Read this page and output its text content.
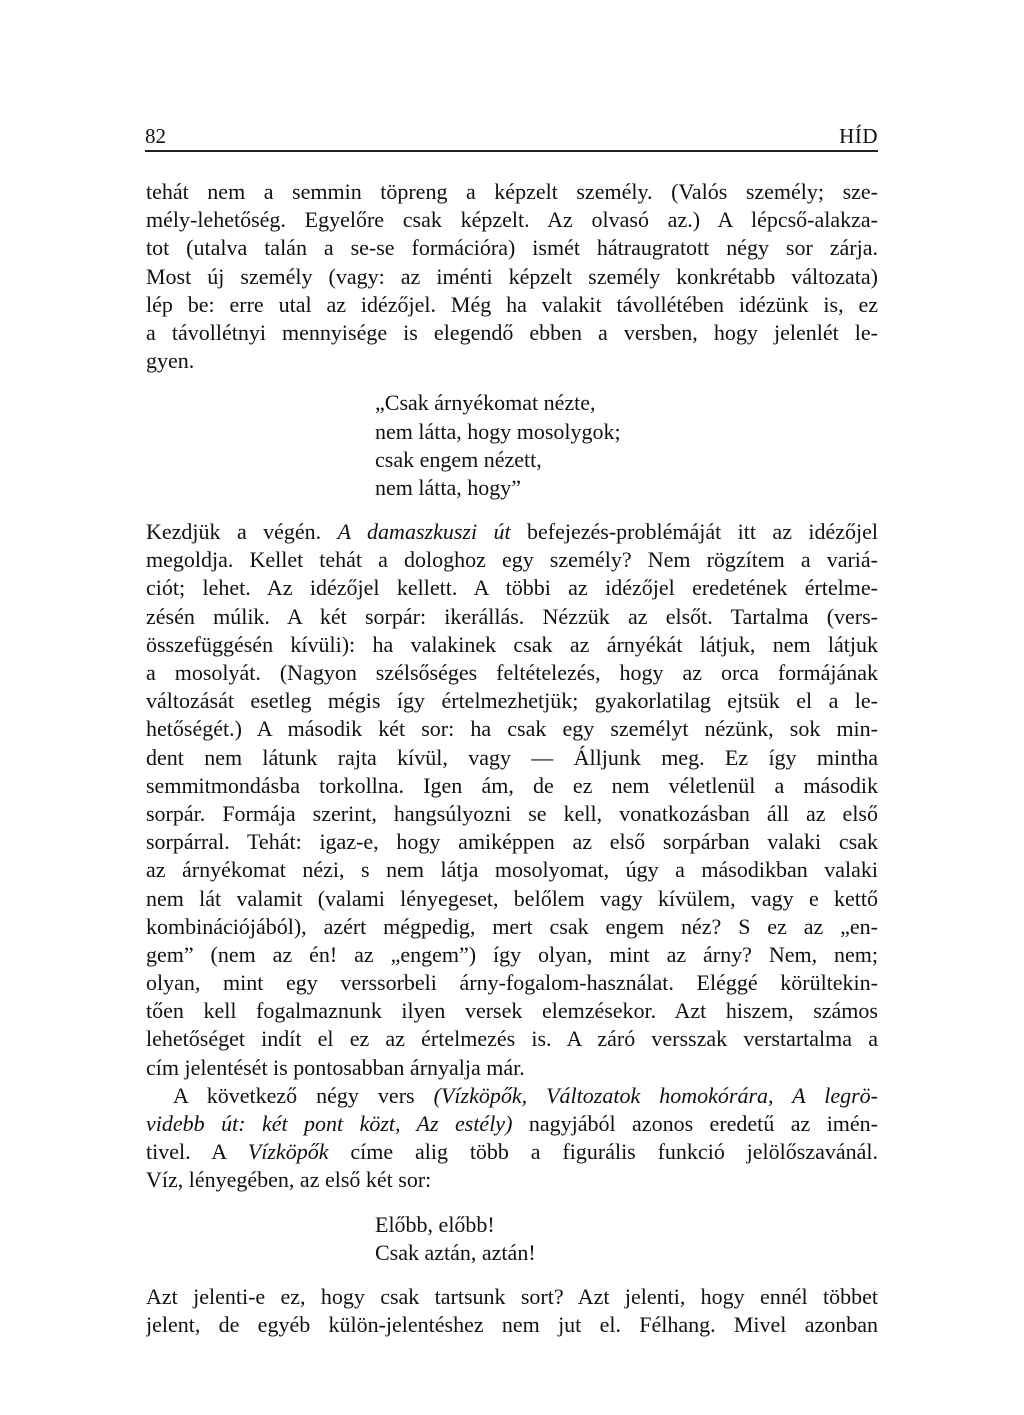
82	HÍD
tehát nem a semmin töpreng a képzelt személy. (Valós személy; sze-
mély-lehetőség. Egyelőre csak képzelt. Az olvasó az.) A lépcső-alakza-
tot (utalva talán a se-se formációra) ismét hátraugratott négy sor zárja.
Most új személy (vagy: az iménti képzelt személy konkrétabb változata)
lép be: erre utal az idézőjel. Még ha valakit távollétében idézünk is, ez
a távollétnyi mennyisége is elegendő ebben a versben, hogy jelenlét le-
gyen.
„Csak árnyékomat nézte,
nem látta, hogy mosolygok;
csak engem nézett,
nem látta, hogy”
Kezdjük a végén. A damaszkuszi út befejezés-problémáját itt az idézőjel
megoldja. Kellet tehát a dologhoz egy személy? Nem rögzítem a variá-
ciót; lehet. Az idézőjel kellett. A többi az idézőjel eredetének értelme-
zésén múlik. A két sorpár: ikerállás. Nézzük az elsőt. Tartalma (vers-
összefüggésén kívüli): ha valakinek csak az árnyékát látjuk, nem látjuk
a mosolyát. (Nagyon szélsőséges feltételezés, hogy az orca formájának
változását esetleg mégis így értelmezhetjük; gyakorlatilag ejtsük el a le-
hetőségét.) A második két sor: ha csak egy személyt nézünk, sok min-
dent nem látunk rajta kívül, vagy — Álljunk meg. Ez így mintha
semmitmondásba torkollna. Igen ám, de ez nem véletlenül a második
sorpár. Formája szerint, hangsúlyozni se kell, vonatkozásban áll az első
sorpárral. Tehát: igaz-e, hogy amiképpen az első sorpárban valaki csak
az árnyékomat nézi, s nem látja mosolyomat, úgy a másodikban valaki
nem lát valamit (valami lényegeset, belőlem vagy kívülem, vagy e kettő
kombinációjából), azért mégpedig, mert csak engem néz? S ez az „en-
gem” (nem az én! az „engem”) így olyan, mint az árny? Nem, nem;
olyan, mint egy verssorbeli árny-fogalom-használat. Eléggé körültekin-
tően kell fogalmaznunk ilyen versek elemzésekor. Azt hiszem, számos
lehetőséget indít el ez az értelmezés is. A záró versszak verstartalma a
cím jelentését is pontosabban árnyalja már.
A következő négy vers (Vízköpők, Változatok homokórára, A legrö-
videbb út: két pont közt, Az estély) nagyjából azonos eredetű az imén-
tivel. A Vízköpők címe alig több a figurális funkció jelölőszavánál.
Víz, lényegében, az első két sor:
Előbb, előbb!
Csak aztán, aztán!
Azt jelenti-e ez, hogy csak tartsunk sort? Azt jelenti, hogy ennél többet
jelent, de egyéb külön-jelentéshez nem jut el. Félhang. Mivel azonban
